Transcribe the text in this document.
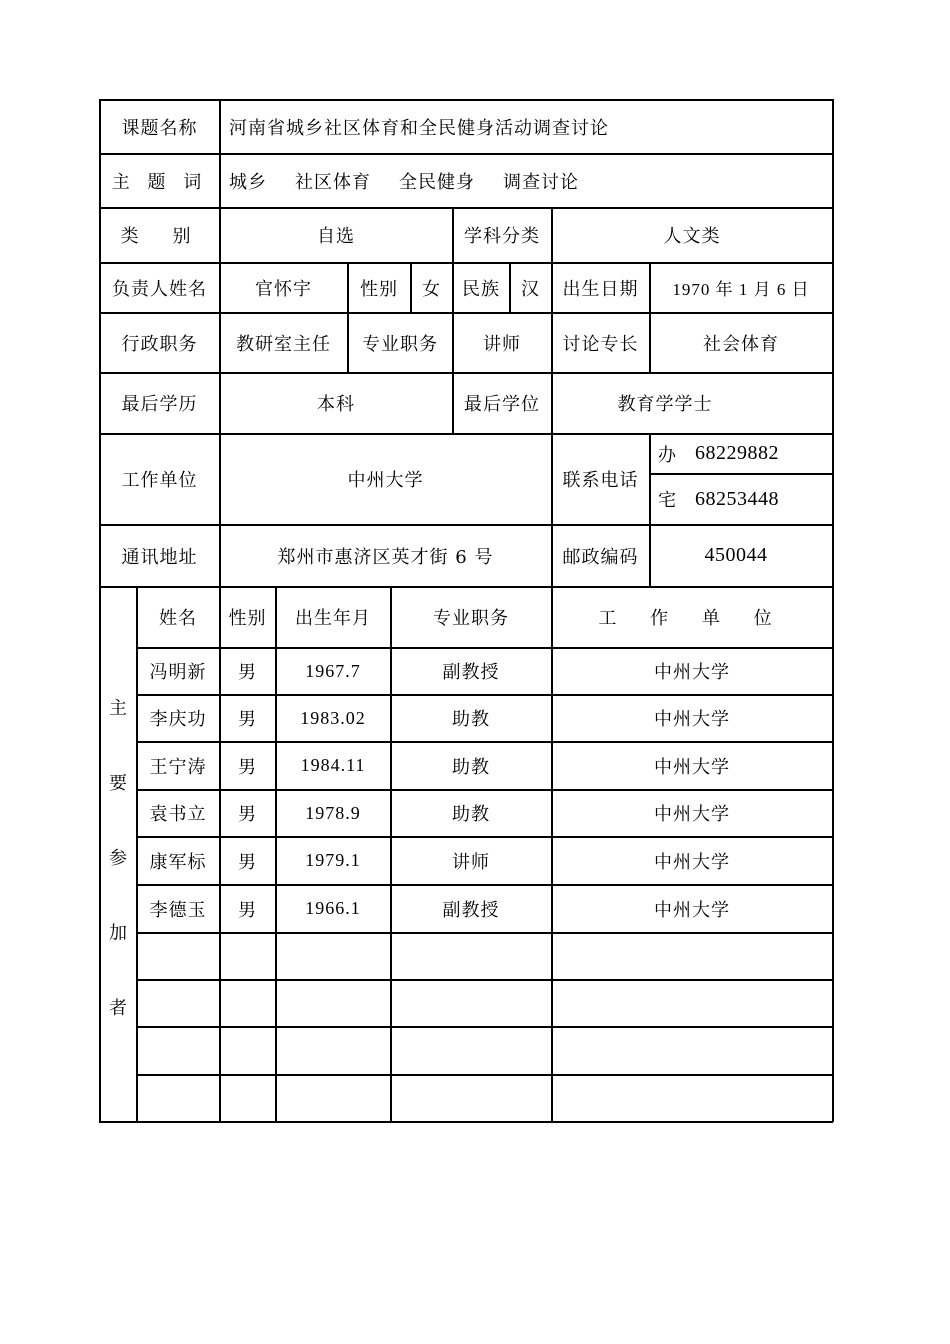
课题名称	河南省城乡社区体育和全民健身活动调查讨论
主 题 词	城乡 社区体育 全民健身 调查讨论
类　别	自选	学科分类	人文类
负责人姓名	官怀宇	性别	女	民族	汉	出生日期	1970 年 1 月 6 日
行政职务	教研室主任	专业职务	讲师	讨论专长	社会体育
最后学历	本科	最后学位	教育学学士
工作单位	中州大学	联系电话
办 68229882
宅 68253448
通讯地址	郑州市惠济区英才街 6 号	邮政编码	450044
主
要
参
加
者
姓名	性别	出生年月	专业职务	工 作 单 位
冯明新	男	1967.7	副教授	中州大学
李庆功	男	1983.02	助教	中州大学
王宁涛	男	1984.11	助教	中州大学
袁书立	男	1978.9	助教	中州大学
康军标	男	1979.1	讲师	中州大学
李德玉	男	1966.1	副教授	中州大学
